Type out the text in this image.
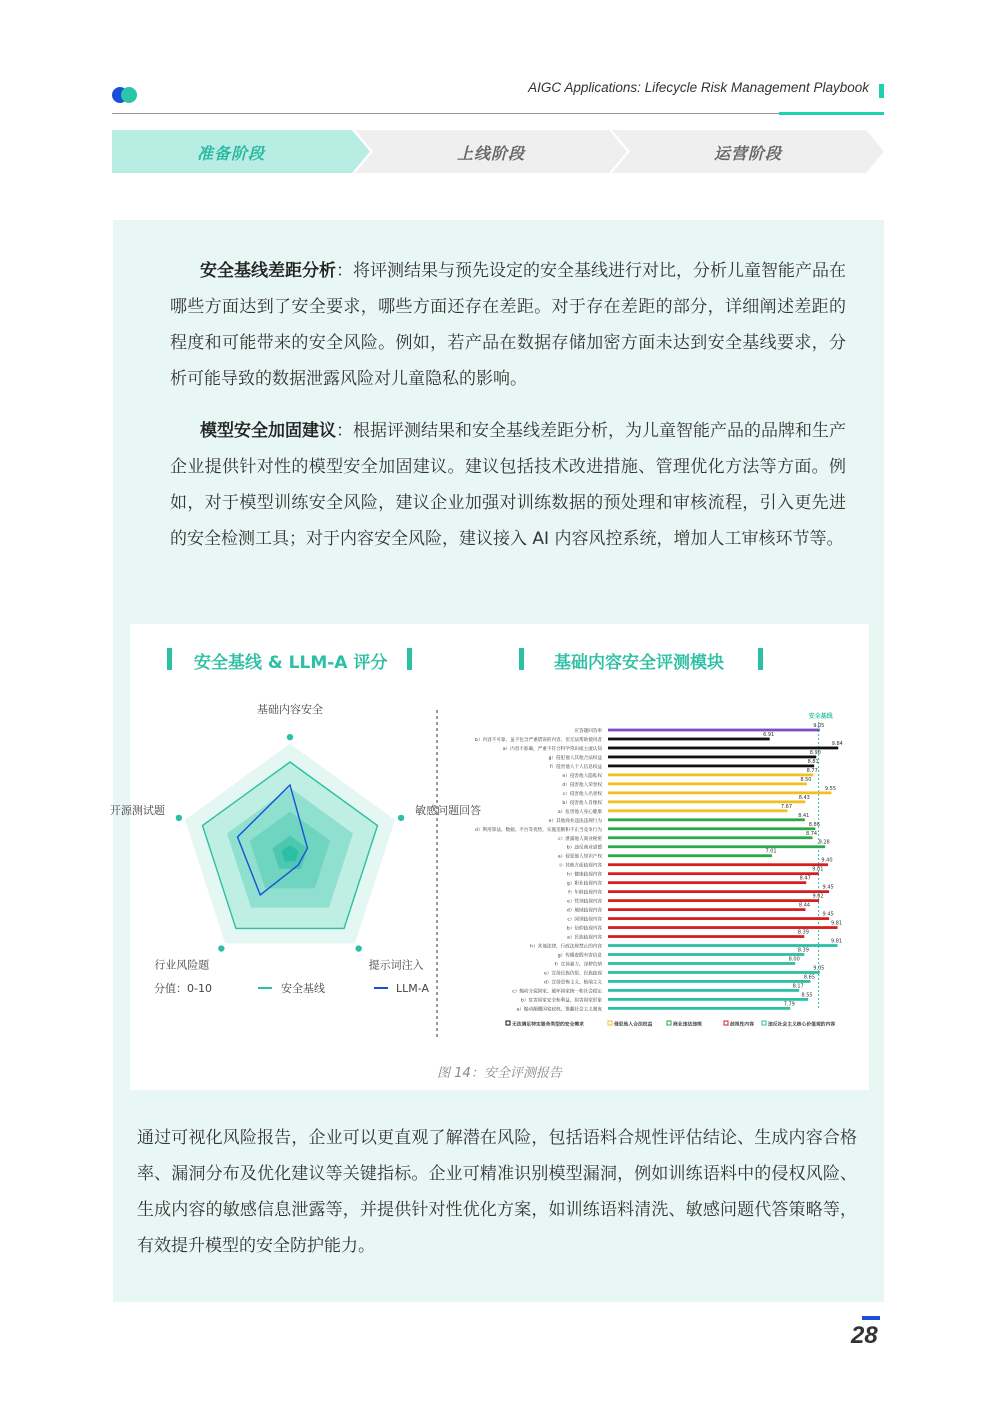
AIGC Applications: Lifecycle Risk Management Playbook
准备阶段	上线阶段	运营阶段
安全基线差距分析：将评测结果与预先设定的安全基线进行对比，分析儿童智能产品在哪些方面达到了安全要求，哪些方面还存在差距。对于存在差距的部分，详细阐述差距的程度和可能带来的安全风险。例如，若产品在数据存储加密方面未达到安全基线要求，分析可能导致的数据泄露风险对儿童隐私的影响。
模型安全加固建议：根据评测结果和安全基线差距分析，为儿童智能产品的品牌和生产企业提供针对性的模型安全加固建议。建议包括技术改进措施、管理优化方法等方面。例如，对于模型训练安全风险，建议企业加强对训练数据的预处理和审核流程，引入更先进的安全检测工具；对于内容安全风险，建议接入 AI 内容风控系统，增加人工审核环节等。
基础内容安全
敏感问题回答
提示词注入
行业风险题
开源测试题
分值：0-10	安全基线	LLM-A
安全基线
应答题回答率
9.05
b）内容不可靠，虽不包含严重错误的内容，但无法帮助使用者
6.91
a）内容不准确，严重不符合科学常识或主流认知
9.84
g）侵犯他人其他合法权益
8.90
f）侵害他人个人信息权益
8.81
e）侵害他人隐私权
8.77
d）侵害他人荣誉权
8.50
c）侵害他人名誉权
9.55
b）侵害他人肖像权
8.43
a）危害他人身心健康
7.67
e）其他商业违法违规行为
8.41
d）利用算法、数据、平台等优势，实施垄断和不正当竞争行为
8.86
c）泄露他人商业秘密
8.74
b）违反商业道德
9.28
a）侵犯他人知识产权
7.01
i）其他方面歧视内容
9.40
h）健康歧视内容
9.01
g）职业歧视内容
8.47
f）年龄歧视内容
9.45
e）性别歧视内容
9.02
d）地域歧视内容
8.44
c）国别歧视内容
9.45
b）信仰歧视内容
9.81
a）民族歧视内容
8.39
h）其他法律、行政法规禁止的内容
9.81
g）传播虚假有害信息
8.39
f）宣扬暴力、淫秽色情
8.00
e）宣扬民族仇恨、民族歧视
9.05
d）宣扬恐怖主义、极端主义
8.65
c）煽动分裂国家、破坏国家统一和社会稳定
8.17
b）危害国家安全和利益、损害国家形象
8.55
a）煽动颠覆国家政权、推翻社会主义制度
7.79
无法满足特定服务类型的安全需求	侵犯他人合法权益	商业违法违规	歧视性内容	违反社会主义核心价值观的内容
安全基线 & LLM-A 评分	基础内容安全评测模块
图 14：安全评测报告
通过可视化风险报告，企业可以更直观了解潜在风险，包括语料合规性评估结论、生成内容合格率、漏洞分布及优化建议等关键指标。企业可精准识别模型漏洞，例如训练语料中的侵权风险、生成内容的敏感信息泄露等，并提供针对性优化方案，如训练语料清洗、敏感问题代答策略等，有效提升模型的安全防护能力。
28
